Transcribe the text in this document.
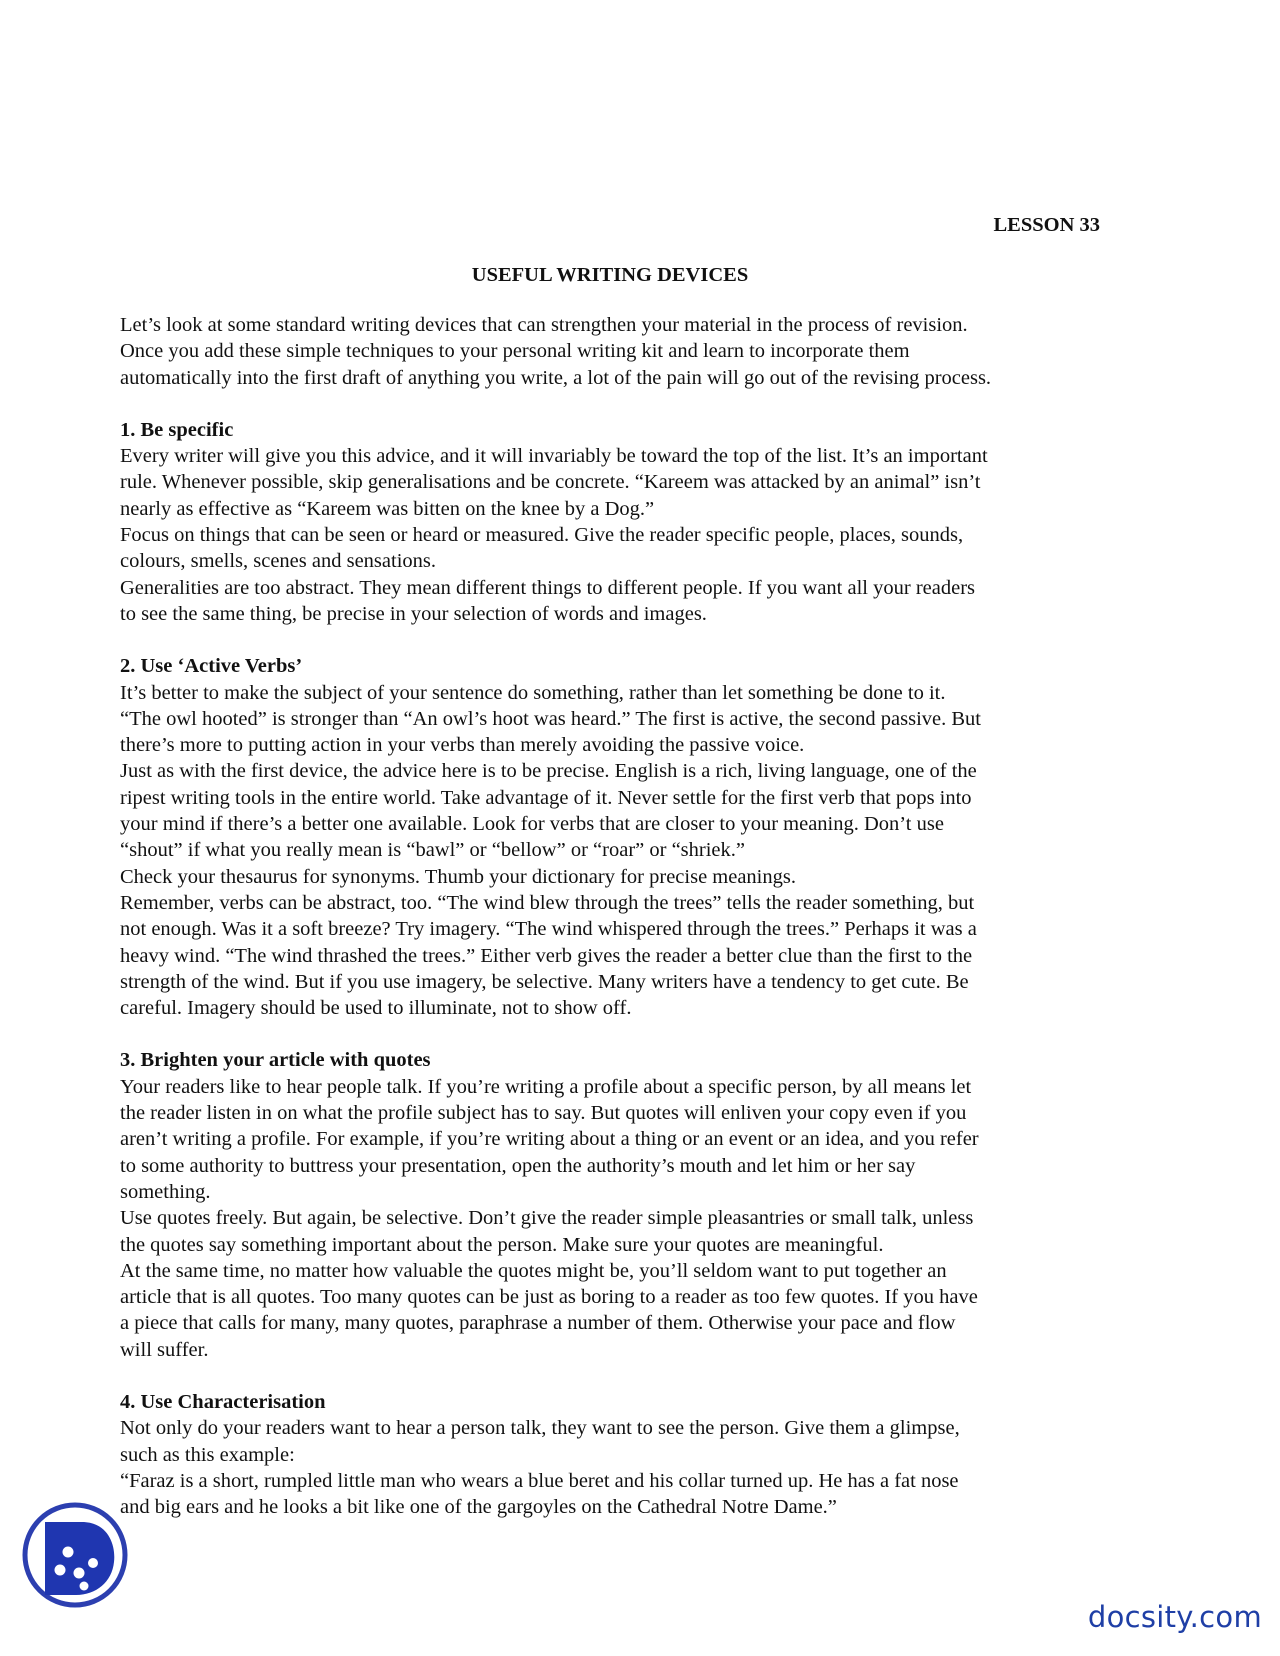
LESSON 33
USEFUL WRITING DEVICES

Let’s look at some standard writing devices that can strengthen your material in the process of revision.
Once you add these simple techniques to your personal writing kit and learn to incorporate them
automatically into the first draft of anything you write, a lot of the pain will go out of the revising process.

1. Be specific

Every writer will give you this advice, and it will invariably be toward the top of the list. It’s an important
rule. Whenever possible, skip generalisations and be concrete. “Kareem was attacked by an animal” isn’t
nearly as effective as “Kareem was bitten on the knee by a Dog.”
Focus on things that can be seen or heard or measured. Give the reader specific people, places, sounds,
colours, smells, scenes and sensations.
Generalities are too abstract. They mean different things to different people. If you want all your readers
to see the same thing, be precise in your selection of words and images.

2. Use ‘Active Verbs’

It’s better to make the subject of your sentence do something, rather than let something be done to it.
“The owl hooted” is stronger than “An owl’s hoot was heard.” The first is active, the second passive. But
there’s more to putting action in your verbs than merely avoiding the passive voice.
Just as with the first device, the advice here is to be precise. English is a rich, living language, one of the
ripest writing tools in the entire world. Take advantage of it. Never settle for the first verb that pops into
your mind if there’s a better one available. Look for verbs that are closer to your meaning. Don’t use
“shout” if what you really mean is “bawl” or “bellow” or “roar” or “shriek.”
Check your thesaurus for synonyms. Thumb your dictionary for precise meanings.
Remember, verbs can be abstract, too. “The wind blew through the trees” tells the reader something, but
not enough. Was it a soft breeze? Try imagery. “The wind whispered through the trees.” Perhaps it was a
heavy wind. “The wind thrashed the trees.” Either verb gives the reader a better clue than the first to the
strength of the wind. But if you use imagery, be selective. Many writers have a tendency to get cute. Be
careful. Imagery should be used to illuminate, not to show off.

3. Brighten your article with quotes

Your readers like to hear people talk. If you’re writing a profile about a specific person, by all means let
the reader listen in on what the profile subject has to say. But quotes will enliven your copy even if you
aren’t writing a profile. For example, if you’re writing about a thing or an event or an idea, and you refer
to some authority to buttress your presentation, open the authority’s mouth and let him or her say
something.
Use quotes freely. But again, be selective. Don’t give the reader simple pleasantries or small talk, unless
the quotes say something important about the person. Make sure your quotes are meaningful.
At the same time, no matter how valuable the quotes might be, you’ll seldom want to put together an
article that is all quotes. Too many quotes can be just as boring to a reader as too few quotes. If you have
a piece that calls for many, many quotes, paraphrase a number of them. Otherwise your pace and flow
will suffer.

4. Use Characterisation

Not only do your readers want to hear a person talk, they want to see the person. Give them a glimpse,
such as this example:
“Faraz is a short, rumpled little man who wears a blue beret and his collar turned up. He has a fat nose
and big ears and he looks a bit like one of the gargoyles on the Cathedral Notre Dame.”

docsity.com
